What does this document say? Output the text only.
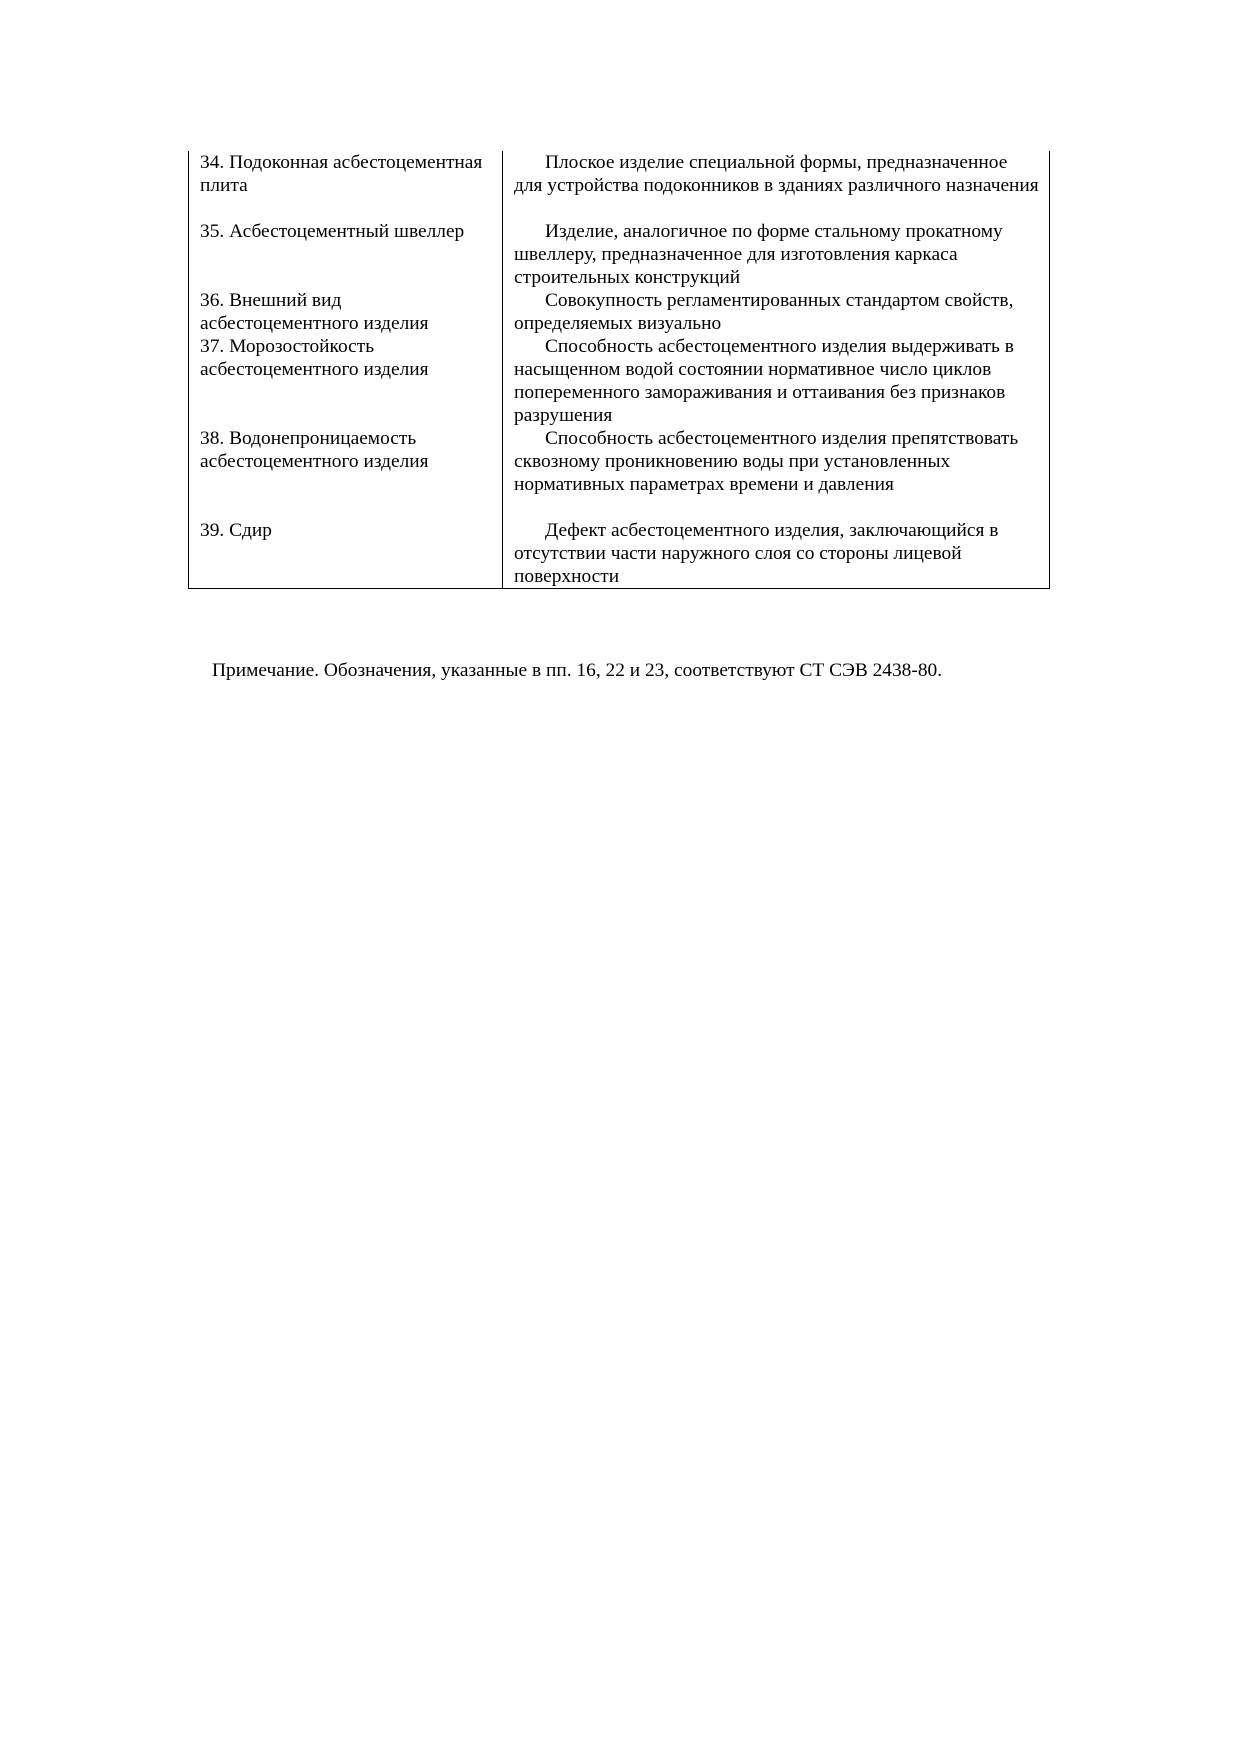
34. Подоконная асбестоцементная плита	Плоское изделие специальной формы, предназначенное для устройства подоконников в зданиях различного назначения
35. Асбестоцементный швеллер	Изделие, аналогичное по форме стальному прокатному швеллеру, предназначенное для изготовления каркаса строительных конструкций
36. Внешний вид асбестоцементного изделия	Совокупность регламентированных стандартом свойств, определяемых визуально
37. Морозостойкость асбестоцементного изделия	Способность асбестоцементного изделия выдерживать в насыщенном водой состоянии нормативное число циклов попеременного замораживания и оттаивания без признаков разрушения
38. Водонепроницаемость асбестоцементного изделия	Способность асбестоцементного изделия препятствовать сквозному проникновению воды при установленных нормативных параметрах времени и давления
39. Сдир	Дефект асбестоцементного изделия, заключающийся в отсутствии части наружного слоя со стороны лицевой поверхности

Примечание. Обозначения, указанные в пп. 16, 22 и 23, соответствуют СТ СЭВ 2438-80.
